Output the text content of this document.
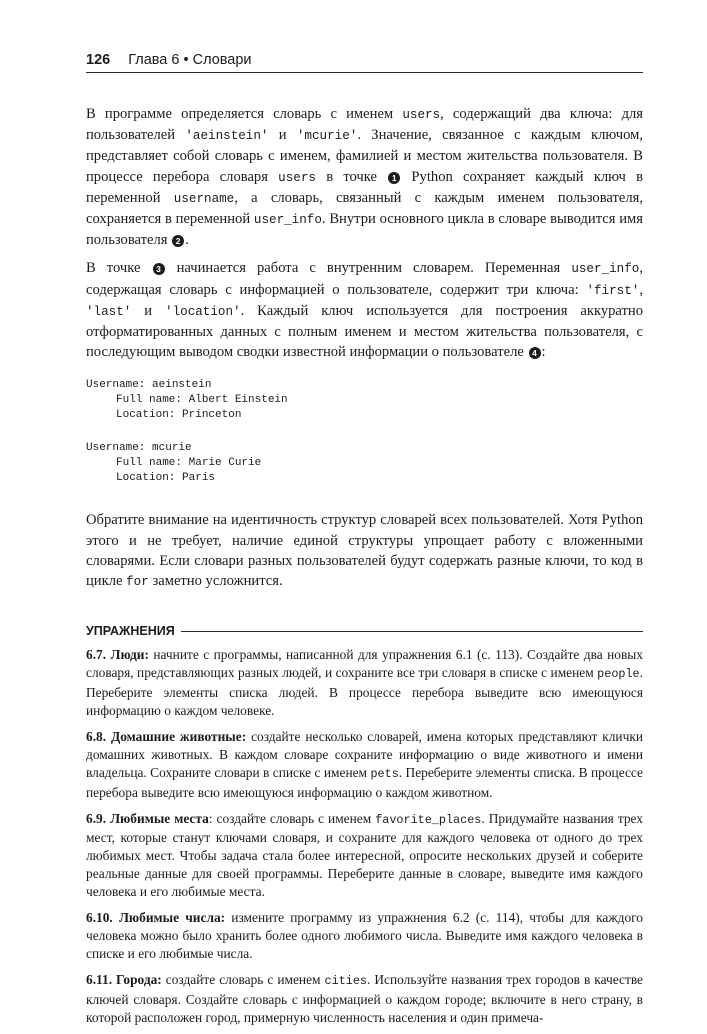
126 Глава 6 • Словари

В программе определяется словарь с именем users, содержащий два ключа: для пользователей 'aeinstein' и 'mcurie'. Значение, связанное с каждым ключом, представляет собой словарь с именем, фамилией и местом жительства пользователя. В процессе перебора словаря users в точке 1 Python сохраняет каждый ключ в переменной username, а словарь, связанный с каждым именем пользователя, сохраняется в переменной user_info. Внутри основного цикла в словаре выводится имя пользователя 2 .

В точке 3 начинается работа с внутренним словарем. Переменная user_info, содержащая словарь с информацией о пользователе, содержит три ключа: 'first', 'last' и 'location'. Каждый ключ используется для построения аккуратно отформатированных данных с полным именем и местом жительства пользователя, с последующим выводом сводки известной информации о пользователе 4 :

Username: aeinstein
Full name: Albert Einstein
Location: Princeton
Username: mcurie
Full name: Marie Curie
Location: Paris

Обратите внимание на идентичность структур словарей всех пользователей. Хотя Python этого и не требует, наличие единой структуры упрощает работу с вложенными словарями. Если словари разных пользователей будут содержать разные ключи, то код в цикле for заметно усложнится.

УПРАЖНЕНИЯ

6.7. Люди: начните с программы, написанной для упражнения 6.1 (с. 113). Создайте два новых словаря, представляющих разных людей, и сохраните все три словаря в списке с именем people. Переберите элементы списка людей. В процессе перебора выведите всю имеющуюся информацию о каждом человеке.

6.8. Домашние животные: создайте несколько словарей, имена которых представляют клички домашних животных. В каждом словаре сохраните информацию о виде животного и имени владельца. Сохраните словари в списке с именем pets. Переберите элементы списка. В процессе перебора выведите всю имеющуюся информацию о каждом животном.

6.9. Любимые места: создайте словарь с именем favorite_places. Придумайте названия трех мест, которые станут ключами словаря, и сохраните для каждого человека от одного до трех любимых мест. Чтобы задача стала более интересной, опросите нескольких друзей и соберите реальные данные для своей программы. Переберите данные в словаре, выведите имя каждого человека и его любимые места.

6.10. Любимые числа: измените программу из упражнения 6.2 (с. 114), чтобы для каждого человека можно было хранить более одного любимого числа. Выведите имя каждого человека в списке и его любимые числа.

6.11. Города: создайте словарь с именем cities. Используйте названия трех городов в качестве ключей словаря. Создайте словарь с информацией о каждом городе; включите в него страну, в которой расположен город, примерную численность населения и один примеча-
